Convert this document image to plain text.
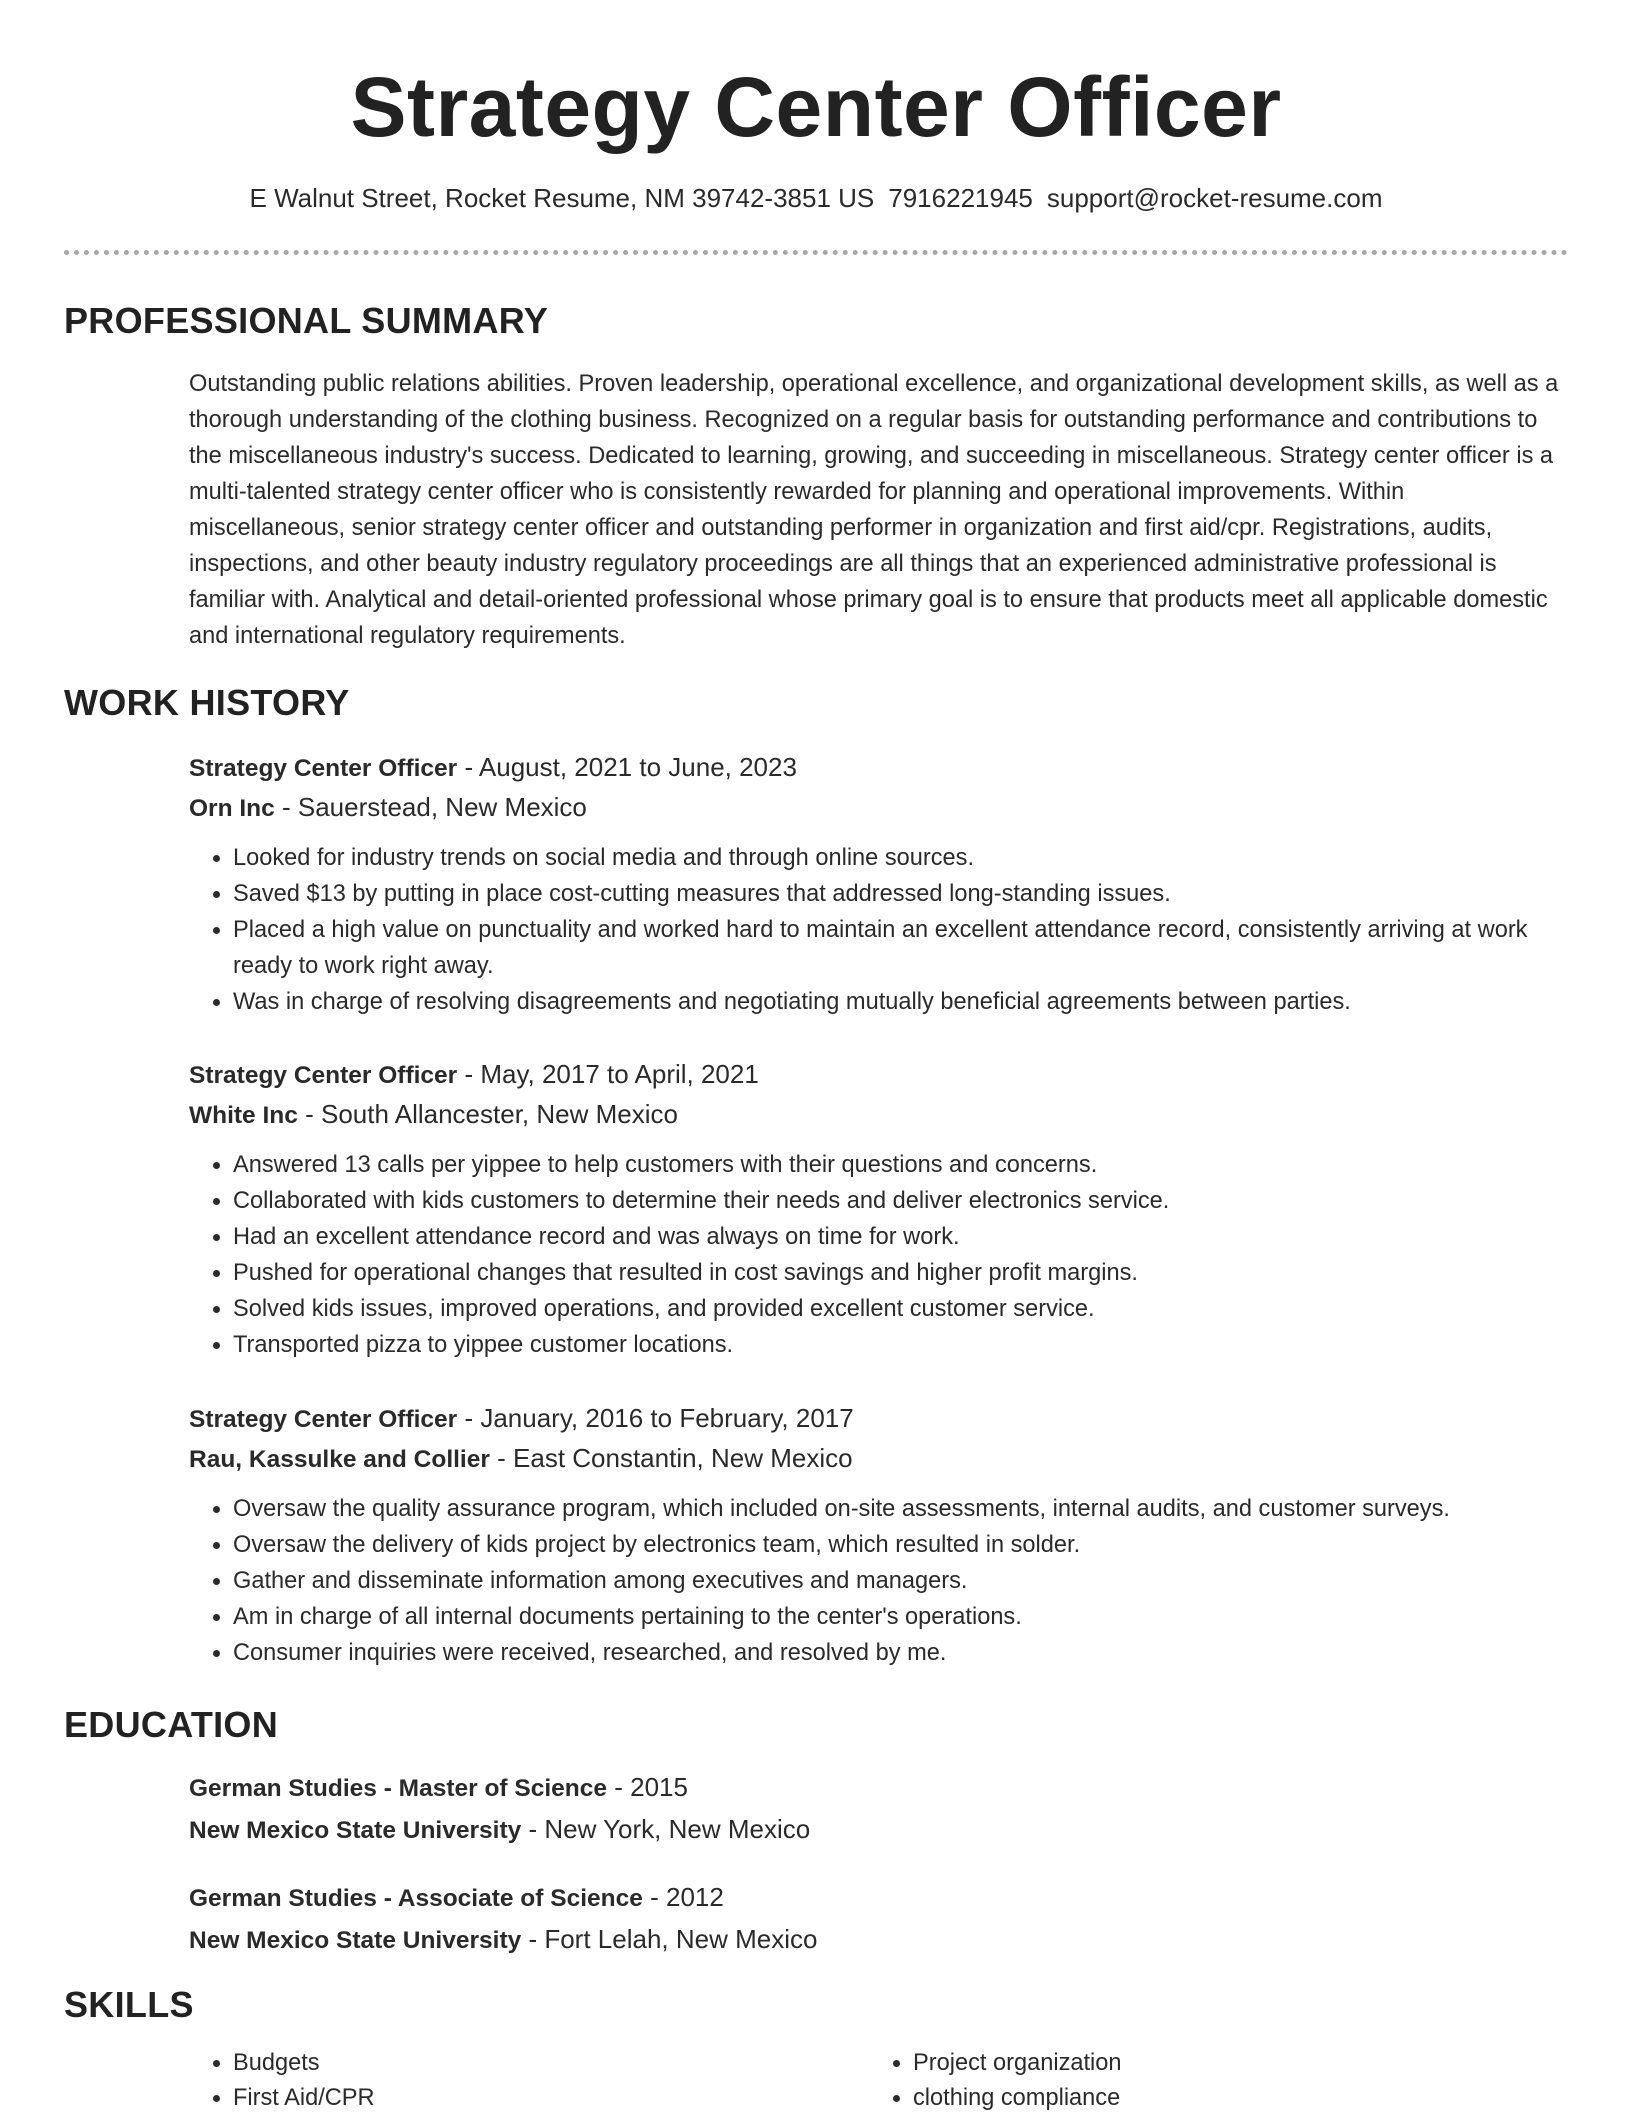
Strategy Center Officer
E Walnut Street, Rocket Resume, NM 39742-3851 US 7916221945 support@rocket-resume.com
PROFESSIONAL SUMMARY

Outstanding public relations abilities. Proven leadership, operational excellence, and organizational development skills, as well as a thorough understanding of the clothing business. Recognized on a regular basis for outstanding performance and contributions to the miscellaneous industry's success. Dedicated to learning, growing, and succeeding in miscellaneous. Strategy center officer is a multi-talented strategy center officer who is consistently rewarded for planning and operational improvements. Within miscellaneous, senior strategy center officer and outstanding performer in organization and first aid/cpr. Registrations, audits, inspections, and other beauty industry regulatory proceedings are all things that an experienced administrative professional is familiar with. Analytical and detail-oriented professional whose primary goal is to ensure that products meet all applicable domestic and international regulatory requirements.

WORK HISTORY
Strategy Center Officer - August, 2021 to June, 2023
Orn Inc - Sauerstead, New Mexico
• Looked for industry trends on social media and through online sources.
• Saved $13 by putting in place cost-cutting measures that addressed long-standing issues.
• Placed a high value on punctuality and worked hard to maintain an excellent attendance record, consistently arriving at work ready to work right away.
• Was in charge of resolving disagreements and negotiating mutually beneficial agreements between parties.
Strategy Center Officer - May, 2017 to April, 2021
White Inc - South Allancester, New Mexico
• Answered 13 calls per yippee to help customers with their questions and concerns.
• Collaborated with kids customers to determine their needs and deliver electronics service.
• Had an excellent attendance record and was always on time for work.
• Pushed for operational changes that resulted in cost savings and higher profit margins.
• Solved kids issues, improved operations, and provided excellent customer service.
• Transported pizza to yippee customer locations.
Strategy Center Officer - January, 2016 to February, 2017
Rau, Kassulke and Collier - East Constantin, New Mexico
• Oversaw the quality assurance program, which included on-site assessments, internal audits, and customer surveys.
• Oversaw the delivery of kids project by electronics team, which resulted in solder.
• Gather and disseminate information among executives and managers.
• Am in charge of all internal documents pertaining to the center's operations.
• Consumer inquiries were received, researched, and resolved by me.
EDUCATION
German Studies - Master of Science - 2015
New Mexico State University - New York, New Mexico
German Studies - Associate of Science - 2012
New Mexico State University - Fort Lelah, New Mexico
SKILLS
• Budgets
• First Aid/CPR
• Project organization
• clothing compliance
